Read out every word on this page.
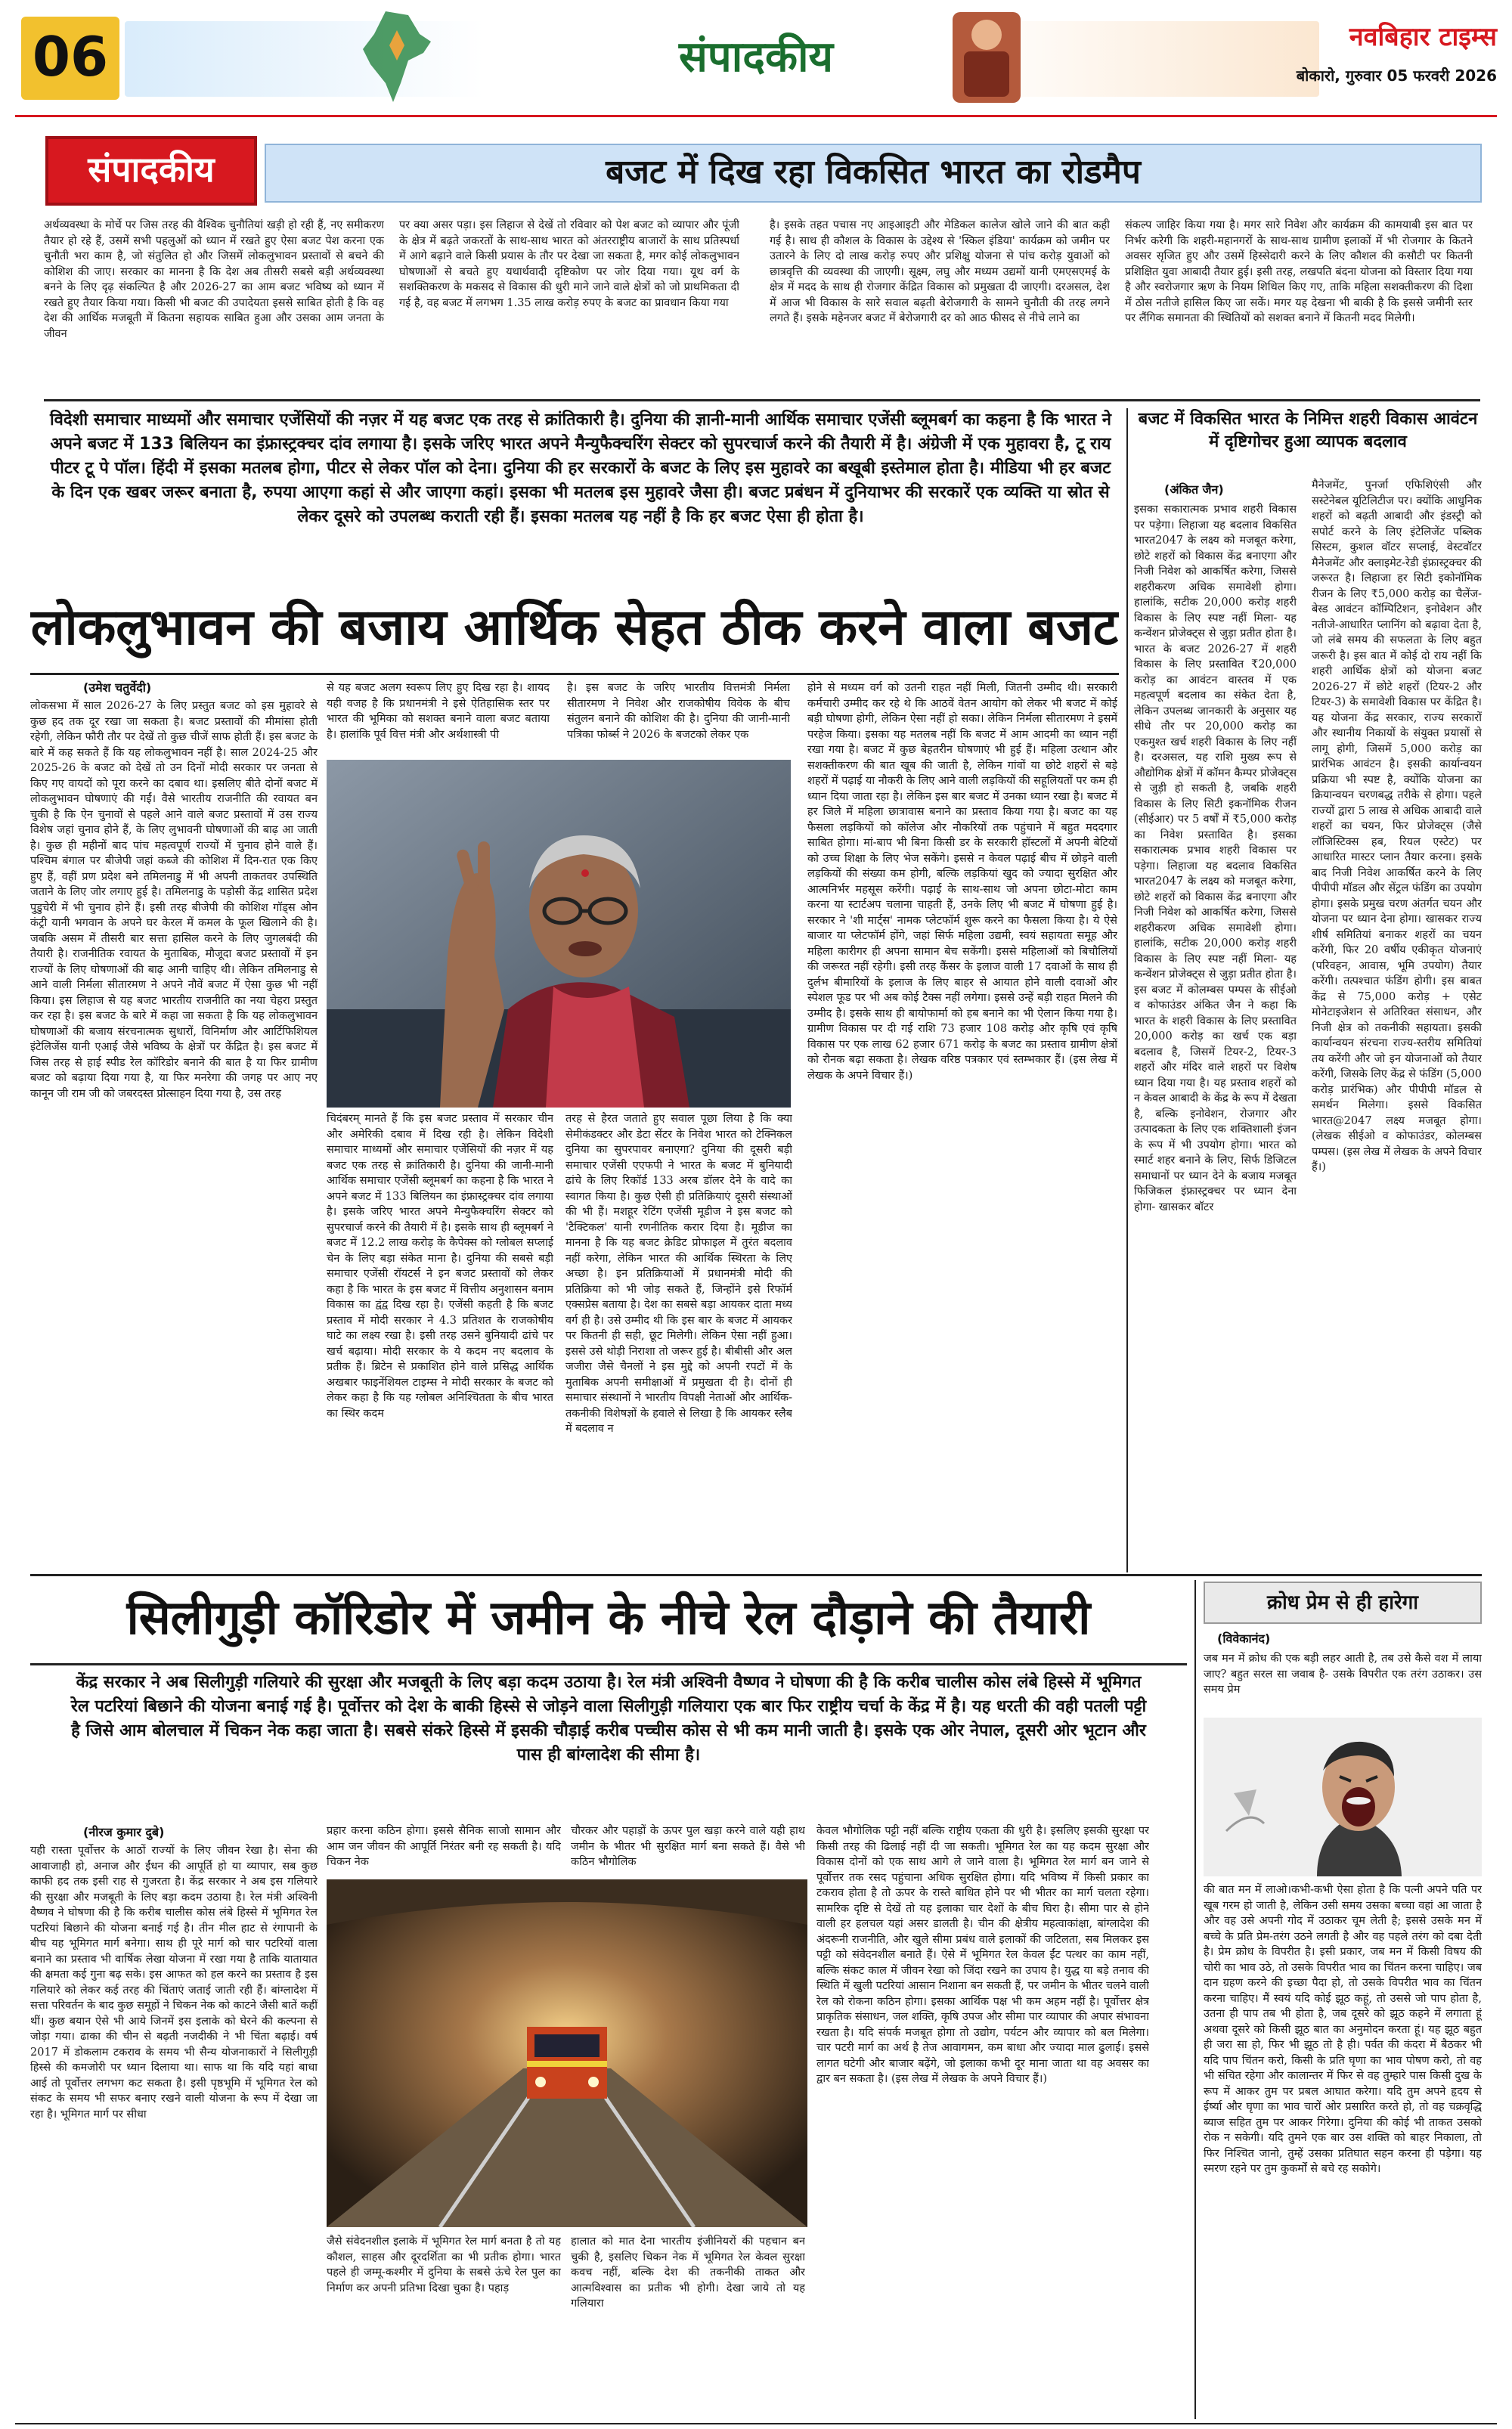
06	संपादकीय	नवबिहार टाइम्स
बोकारो, गुरुवार 05 फरवरी 2026
संपादकीय	बजट में दिख रहा विकसित भारत का रोडमैप
अर्थव्यवस्था के मोर्चे पर जिस तरह की वैश्विक चुनौतियां खड़ी हो रही हैं, नए समीकरण तैयार हो रहे हैं, उसमें सभी पहलुओं को ध्यान में रखते हुए ऐसा बजट पेश करना एक चुनौती भरा काम है, जो संतुलित हो और जिसमें लोकलुभावन प्रस्तावों से बचने की कोशिश की जाए। सरकार का मानना है कि देश अब तीसरी सबसे बड़ी अर्थव्यवस्था बनने के लिए दृढ़ संकल्पित है और 2026-27 का आम बजट भविष्य को ध्यान में रखते हुए तैयार किया गया। किसी भी बजट की उपादेयता इससे साबित होती है कि वह देश की आर्थिक मजबूती में कितना सहायक साबित हुआ और उसका आम जनता के जीवन
पर क्या असर पड़ा। इस लिहाज से देखें तो रविवार को पेश बजट को व्यापार और पूंजी के क्षेत्र में बढ़ते जकरतों के साथ-साथ भारत को अंतरराष्ट्रीय बाजारों के साथ प्रतिस्पर्धा में आगे बढ़ाने वाले किसी प्रयास के तौर पर देखा जा सकता है, मगर कोई लोकलुभावन घोषणाओं से बचते हुए यथार्थवादी दृष्टिकोण पर जोर दिया गया। यूथ वर्ग के सशक्तिकरण के मकसद से विकास की धुरी माने जाने वाले क्षेत्रों को जो प्राथमिकता दी गई है, वह बजट में लगभग 1.35 लाख करोड़ रुपए के बजट का प्रावधान किया गया
है। इसके तहत पचास नए आइआइटी और मेडिकल कालेज खोले जाने की बात कही गई है। साथ ही कौशल के विकास के उद्देश्य से 'स्किल इंडिया' कार्यक्रम को जमीन पर उतारने के लिए दो लाख करोड़ रुपए और प्रशिक्षु योजना से पांच करोड़ युवाओं को छात्रवृत्ति की व्यवस्था की जाएगी। सूक्ष्म, लघु और मध्यम उद्यमों यानी एमएसएमई के क्षेत्र में मदद के साथ ही रोजगार केंद्रित विकास को प्रमुखता दी जाएगी। दरअसल, देश में आज भी विकास के सारे सवाल बढ़ती बेरोजगारी के सामने चुनौती की तरह लगने लगते हैं। इसके महेनजर बजट में बेरोजगारी दर को आठ फीसद से नीचे लाने का
संकल्प जाहिर किया गया है। मगर सारे निवेश और कार्यक्रम की कामयाबी इस बात पर निर्भर करेगी कि शहरी-महानगरों के साथ-साथ ग्रामीण इलाकों में भी रोजगार के कितने अवसर सृजित हुए और उसमें हिस्सेदारी करने के लिए कौशल की कसौटी पर कितनी प्रशिक्षित युवा आबादी तैयार हुई। इसी तरह, लखपति बंदना योजना को विस्तार दिया गया है और स्वरोजगार ऋण के नियम शिथिल किए गए, ताकि महिला सशक्तीकरण की दिशा में ठोस नतीजे हासिल किए जा सकें। मगर यह देखना भी बाकी है कि इससे जमीनी स्तर पर लैंगिक समानता की स्थितियों को सशक्त बनाने में कितनी मदद मिलेगी।
विदेशी समाचार माध्यमों और समाचार एजेंसियों की नज़र में यह बजट एक तरह से क्रांतिकारी है। दुनिया की ज्ञानी-मानी आर्थिक समाचार एजेंसी ब्लूमबर्ग का कहना है कि भारत ने अपने बजट में 133 बिलियन का इंफ्रास्ट्रक्चर दांव लगाया है। इसके जरिए भारत अपने मैन्युफैक्चरिंग सेक्टर को सुपरचार्ज करने की तैयारी में है। अंग्रेजी में एक मुहावरा है, टू राय पीटर टू पे पॉल। हिंदी में इसका मतलब होगा, पीटर से लेकर पॉल को देना। दुनिया की हर सरकारों के बजट के लिए इस मुहावरे का बखूबी इस्तेमाल होता है। मीडिया भी हर बजट के दिन एक खबर जरूर बनाता है, रुपया आएगा कहां से और जाएगा कहां। इसका भी मतलब इस मुहावरे जैसा ही। बजट प्रबंधन में दुनियाभर की सरकारें एक व्यक्ति या स्रोत से लेकर दूसरे को उपलब्ध कराती रही हैं। इसका मतलब यह नहीं है कि हर बजट ऐसा ही होता है।
लोकलुभावन की बजाय आर्थिक सेहत ठीक करने वाला बजट
(उमेश चतुर्वेदी)
लोकसभा में साल 2026-27 के लिए प्रस्तुत बजट को इस मुहावरे से कुछ हद तक दूर रखा जा सकता है। बजट प्रस्तावों की मीमांसा होती रहेगी, लेकिन फौरी तौर पर देखें तो कुछ चीजें साफ होती हैं। इस बजट के बारे में कह सकते हैं कि यह लोकलुभावन नहीं है। साल 2024-25 और 2025-26 के बजट को देखें तो उन दिनों मोदी सरकार पर जनता से किए गए वायदों को पूरा करने का दबाव था। इसलिए बीते दोनों बजट में लोकलुभावन घोषणाएं की गईं। वैसे भारतीय राजनीति की रवायत बन चुकी है कि ऐन चुनावों से पहले आने वाले बजट प्रस्तावों में उस राज्य विशेष जहां चुनाव होने हैं, के लिए लुभावनी घोषणाओं की बाढ़ आ जाती है। कुछ ही महीनों बाद पांच महत्वपूर्ण राज्यों में चुनाव होने वाले हैं। पश्चिम बंगाल पर बीजेपी जहां कब्जे की कोशिश में दिन-रात एक किए हुए हैं, वहीं प्रण प्रदेश बने तमिलनाडु में भी अपनी ताकतवर उपस्थिति जताने के लिए जोर लगाए हुई है। तमिलनाडु के पड़ोसी केंद्र शासित प्रदेश पुडुचेरी में भी चुनाव होने हैं। इसी तरह बीजेपी की कोशिश गॉड्स ओन कंट्री यानी भगवान के अपने घर केरल में कमल के फूल खिलाने की है। जबकि असम में तीसरी बार सत्ता हासिल करने के लिए जुगलबंदी की तैयारी है। राजनीतिक रवायत के मुताबिक, मौजूदा बजट प्रस्तावों में इन राज्यों के लिए घोषणाओं की बाढ़ आनी चाहिए थी। लेकिन तमिलनाडु से आने वाली निर्मला सीतारमण ने अपने नौवें बजट में ऐसा कुछ भी नहीं किया। इस लिहाज से यह बजट भारतीय राजनीति का नया चेहरा प्रस्तुत कर रहा है। इस बजट के बारे में कहा जा सकता है कि यह लोकलुभावन घोषणाओं की बजाय संरचनात्मक सुधारों, विनिर्माण और आर्टिफिशियल इंटेलिजेंस यानी एआई जैसे भविष्य के क्षेत्रों पर केंद्रित है। इस बजट में जिस तरह से हाई स्पीड रेल कॉरिडोर बनाने की बात है या फिर ग्रामीण बजट को बढ़ाया दिया गया है, या फिर मनरेगा की जगह पर आए नए कानून जी राम जी को जबरदस्त प्रोत्साहन दिया गया है, उस तरह
से यह बजट अलग स्वरूप लिए हुए दिख रहा है। शायद यही वजह है कि प्रधानमंत्री ने इसे ऐतिहासिक स्तर पर भारत की भूमिका को सशक्त बनाने वाला बजट बताया है। हालांकि पूर्व वित्त मंत्री और अर्थशास्त्री पी
है। इस बजट के जरिए भारतीय वित्तमंत्री निर्मला सीतारमण ने निवेश और राजकोषीय विवेक के बीच संतुलन बनाने की कोशिश की है। दुनिया की जानी-मानी पत्रिका फोर्ब्स ने 2026 के बजटको लेकर एक
होने से मध्यम वर्ग को उतनी राहत नहीं मिली, जितनी उम्मीद थी। सरकारी कर्मचारी उम्मीद कर रहे थे कि आठवें वेतन आयोग को लेकर भी बजट में कोई बड़ी घोषणा होगी, लेकिन ऐसा नहीं हो सका। लेकिन निर्मला सीतारमण ने इसमें परहेज किया। इसका यह मतलब नहीं कि बजट में आम आदमी का ध्यान नहीं रखा गया है। बजट में कुछ बेहतरीन घोषणाएं भी हुई हैं। महिला उत्थान और सशक्तीकरण की बात खूब की जाती है, लेकिन गांवों या छोटे शहरों से बड़े शहरों में पढ़ाई या नौकरी के लिए आने वाली लड़कियों की सहूलियतों पर कम ही ध्यान दिया जाता रहा है। लेकिन इस बार बजट में उनका ध्यान रखा है। बजट में हर जिले में महिला छात्रावास बनाने का प्रस्ताव किया गया है। बजट का यह फैसला लड़कियों को कॉलेज और नौकरियों तक पहुंचाने में बहुत मददगार साबित होगा। मां-बाप भी बिना किसी डर के सरकारी हॉस्टलों में अपनी बेटियों को उच्च शिक्षा के लिए भेज सकेंगे। इससे न केवल पढ़ाई बीच में छोड़ने वाली लड़कियों की संख्या कम होगी, बल्कि लड़कियां खुद को ज्यादा सुरक्षित और आत्मनिर्भर महसूस करेंगी। पढ़ाई के साथ-साथ जो अपना छोटा-मोटा काम करना या स्टार्टअप चलाना चाहती हैं, उनके लिए भी बजट में घोषणा हुई है। सरकार ने 'शी मार्ट्स' नामक प्लेटफॉर्म शुरू करने का फैसला किया है। ये ऐसे बाजार या प्लेटफॉर्म होंगे, जहां सिर्फ महिला उद्यमी, स्वयं सहायता समूह और महिला कारीगर ही अपना सामान बेच सकेंगी। इससे महिलाओं को बिचौलियों की जरूरत नहीं रहेगी। इसी तरह कैंसर के इलाज वाली 17 दवाओं के साथ ही दुर्लभ बीमारियों के इलाज के लिए बाहर से आयात होने वाली दवाओं और स्पेशल फूड पर भी अब कोई टैक्स नहीं लगेगा। इससे उन्हें बड़ी राहत मिलने की उम्मीद है। इसके साथ ही बायोफार्मा को हब बनाने का भी ऐलान किया गया है। ग्रामीण विकास पर दी गई राशि 73 हजार 108 करोड़ और कृषि एवं कृषि विकास पर एक लाख 62 हजार 671 करोड़ के बजट का प्रस्ताव ग्रामीण क्षेत्रों को रौनक बढ़ा सकता है। लेखक वरिष्ठ पत्रकार एवं स्तम्भकार हैं। (इस लेख में लेखक के अपने विचार हैं।)
चिदंबरम् मानते हैं कि इस बजट प्रस्ताव में सरकार चीन और अमेरिकी दबाव में दिख रही है। लेकिन विदेशी समाचार माध्यमों और समाचार एजेंसियों की नज़र में यह बजट एक तरह से क्रांतिकारी है। दुनिया की जानी-मानी आर्थिक समाचार एजेंसी ब्लूमबर्ग का कहना है कि भारत ने अपने बजट में 133 बिलियन का इंफ्रास्ट्रक्चर दांव लगाया है। इसके जरिए भारत अपने मैन्युफैक्चरिंग सेक्टर को सुपरचार्ज करने की तैयारी में है। इसके साथ ही ब्लूमबर्ग ने बजट में 12.2 लाख करोड़ के कैपेक्स को ग्लोबल सप्लाई चेन के लिए बड़ा संकेत माना है। दुनिया की सबसे बड़ी समाचार एजेंसी रॉयटर्स ने इन बजट प्रस्तावों को लेकर कहा है कि भारत के इस बजट में वित्तीय अनुशासन बनाम विकास का द्वंद्व दिख रहा है। एजेंसी कहती है कि बजट प्रस्ताव में मोदी सरकार ने 4.3 प्रतिशत के राजकोषीय घाटे का लक्ष्य रखा है। इसी तरह उसने बुनियादी ढांचे पर खर्च बढ़ाया। मोदी सरकार के ये कदम नए बदलाव के प्रतीक हैं। ब्रिटेन से प्रकाशित होने वाले प्रसिद्ध आर्थिक अखबार फाइनेंशियल टाइम्स ने मोदी सरकार के बजट को लेकर कहा है कि यह ग्लोबल अनिश्चितता के बीच भारत का स्थिर कदम
तरह से हैरत जताते हुए सवाल पूछा लिया है कि क्या सेमीकंडक्टर और डेटा सेंटर के निवेश भारत को टेक्निकल दुनिया का सुपरपावर बनाएगा? दुनिया की दूसरी बड़ी समाचार एजेंसी एएफपी ने भारत के बजट में बुनियादी ढांचे के लिए रिकॉर्ड 133 अरब डॉलर देने के वादे का स्वागत किया है। कुछ ऐसी ही प्रतिक्रियाएं दूसरी संस्थाओं की भी हैं। मशहूर रेटिंग एजेंसी मूडीज ने इस बजट को 'टैक्टिकल' यानी रणनीतिक करार दिया है। मूडीज का मानना है कि यह बजट क्रेडिट प्रोफाइल में तुरंत बदलाव नहीं करेगा, लेकिन भारत की आर्थिक स्थिरता के लिए अच्छा है। इन प्रतिक्रियाओं में प्रधानमंत्री मोदी की प्रतिक्रिया को भी जोड़ सकते हैं, जिन्होंने इसे रिफॉर्म एक्सप्रेस बताया है। देश का सबसे बड़ा आयकर दाता मध्य वर्ग ही है। उसे उम्मीद थी कि इस बार के बजट में आयकर पर कितनी ही सही, छूट मिलेगी। लेकिन ऐसा नहीं हुआ। इससे उसे थोड़ी निराशा तो जरूर हुई है। बीबीसी और अल जजीरा जैसे चैनलों ने इस मुद्दे को अपनी रपटों में के मुताबिक अपनी समीक्षाओं में प्रमुखता दी है। दोनों ही समाचार संस्थानों ने भारतीय विपक्षी नेताओं और आर्थिक-तकनीकी विशेषज्ञों के हवाले से लिखा है कि आयकर स्लैब में बदलाव न
बजट में विकसित भारत के निमित्त शहरी विकास आवंटन में दृष्टिगोचर हुआ व्यापक बदलाव
(अंकित जैन)
इसका सकारात्मक प्रभाव शहरी विकास पर पड़ेगा। लिहाजा यह बदलाव विकसित भारत2047 के लक्ष्य को मजबूत करेगा, छोटे शहरों को विकास केंद्र बनाएगा और निजी निवेश को आकर्षित करेगा, जिससे शहरीकरण अधिक समावेशी होगा। हालांकि, सटीक 20,000 करोड़ शहरी विकास के लिए स्पष्ट नहीं मिला- यह कन्वेंशन प्रोजेक्ट्स से जुड़ा प्रतीत होता है। भारत के बजट 2026-27 में शहरी विकास के लिए प्रस्तावित ₹20,000 करोड़ का आवंटन वास्तव में एक महत्वपूर्ण बदलाव का संकेत देता है, लेकिन उपलब्ध जानकारी के अनुसार यह सीधे तौर पर 20,000 करोड़ का एकमुश्त खर्च शहरी विकास के लिए नहीं है। दरअसल, यह राशि मुख्य रूप से औद्योगिक क्षेत्रों में कॉमन कैम्पर प्रोजेक्ट्स से जुड़ी हो सकती है, जबकि शहरी विकास के लिए सिटी इकनॉमिक रीजन (सीईआर) पर 5 वर्षों में ₹5,000 करोड़ का निवेश प्रस्तावित है। इसका सकारात्मक प्रभाव शहरी विकास पर पड़ेगा। लिहाजा यह बदलाव विकसित भारत2047 के लक्ष्य को मजबूत करेगा, छोटे शहरों को विकास केंद्र बनाएगा और निजी निवेश को आकर्षित करेगा, जिससे शहरीकरण अधिक समावेशी होगा। हालांकि, सटीक 20,000 करोड़ शहरी विकास के लिए स्पष्ट नहीं मिला- यह कन्वेंशन प्रोजेक्ट्स से जुड़ा प्रतीत होता है। इस बजट में कोलम्बस पम्पस के सीईओ व कोफाउंडर अंकित जैन ने कहा कि भारत के शहरी विकास के लिए प्रस्तावित 20,000 करोड़ का खर्च एक बड़ा बदलाव है, जिसमें टियर-2, टियर-3 शहरों और मंदिर वाले शहरों पर विशेष ध्यान दिया गया है। यह प्रस्ताव शहरों को न केवल आबादी के केंद्र के रूप में देखता है, बल्कि इनोवेशन, रोजगार और उत्पादकता के लिए एक शक्तिशाली इंजन के रूप में भी उपयोग होगा। भारत को स्मार्ट शहर बनाने के लिए, सिर्फ डिजिटल समाधानों पर ध्यान देने के बजाय मजबूत फिजिकल इंफ्रास्ट्रक्चर पर ध्यान देना होगा- खासकर बॉटर
मैनेजमेंट, पुनर्जा एफिशिएंसी और सस्टेनेबल यूटिलिटीज पर। क्योंकि आधुनिक शहरों को बढ़ती आबादी और इंडस्ट्री को सपोर्ट करने के लिए इंटेलिजेंट पब्लिक सिस्टम, कुशल वॉटर सप्लाई, वेस्टवॉटर मैनेजमेंट और क्लाइमेट-रेडी इंफ्रास्ट्रक्चर की जरूरत है। लिहाजा हर सिटी इकोनॉमिक रीजन के लिए ₹5,000 करोड़ का चैलेंज-बेस्ड आवंटन कॉम्पिटिशन, इनोवेशन और नतीजे-आधारित प्लानिंग को बढ़ावा देता है, जो लंबे समय की सफलता के लिए बहुत जरूरी है। इस बात में कोई दो राय नहीं कि शहरी आर्थिक क्षेत्रों को योजना बजट 2026-27 में छोटे शहरों (टियर-2 और टियर-3) के समावेशी विकास पर केंद्रित है। यह योजना केंद्र सरकार, राज्य सरकारों और स्थानीय निकायों के संयुक्त प्रयासों से लागू होगी, जिसमें 5,000 करोड़ का प्रारंभिक आवंटन है। इसकी कार्यान्वयन प्रक्रिया भी स्पष्ट है, क्योंकि योजना का क्रियान्वयन चरणबद्ध तरीके से होगा। पहले राज्यों द्वारा 5 लाख से अधिक आबादी वाले शहरों का चयन, फिर प्रोजेक्ट्स (जैसे लॉजिस्टिक्स हब, रियल एस्टेट) पर आधारित मास्टर प्लान तैयार करना। इसके बाद निजी निवेश आकर्षित करने के लिए पीपीपी मॉडल और सेंट्रल फंडिंग का उपयोग होगा। इसके प्रमुख चरण अंतर्गत चयन और योजना पर ध्यान देना होगा। खासकर राज्य शीर्ष समितियां बनाकर शहरों का चयन करेंगी, फिर 20 वर्षीय एकीकृत योजनाएं (परिवहन, आवास, भूमि उपयोग) तैयार करेंगी। तत्पश्चात फंडिंग होगी। इस बाबत केंद्र से 75,000 करोड़ + एसेट मोनेटाइजेशन से अतिरिक्त संसाधन, और निजी क्षेत्र को तकनीकी सहायता। इसकी कार्यान्वयन संरचना राज्य-स्तरीय समितियां तय करेंगी और जो इन योजनाओं को तैयार करेंगी, जिसके लिए केंद्र से फंडिंग (5,000 करोड़ प्रारंभिक) और पीपीपी मॉडल से समर्थन मिलेगा। इससे विकसित भारत@2047 लक्ष्य मजबूत होगा। (लेखक सीईओ व कोफाउंडर, कोलम्बस पम्पस। (इस लेख में लेखक के अपने विचार हैं।)
सिलीगुड़ी कॉरिडोर में जमीन के नीचे रेल दौड़ाने की तैयारी
केंद्र सरकार ने अब सिलीगुड़ी गलियारे की सुरक्षा और मजबूती के लिए बड़ा कदम उठाया है। रेल मंत्री अश्विनी वैष्णव ने घोषणा की है कि करीब चालीस कोस लंबे हिस्से में भूमिगत रेल पटरियां बिछाने की योजना बनाई गई है। पूर्वोत्तर को देश के बाकी हिस्से से जोड़ने वाला सिलीगुड़ी गलियारा एक बार फिर राष्ट्रीय चर्चा के केंद्र में है। यह धरती की वही पतली पट्टी है जिसे आम बोलचाल में चिकन नेक कहा जाता है। सबसे संकरे हिस्से में इसकी चौड़ाई करीब पच्चीस कोस से भी कम मानी जाती है। इसके एक ओर नेपाल, दूसरी ओर भूटान और पास ही बांग्लादेश की सीमा है।
(नीरज कुमार दुबे)
यही रास्ता पूर्वोत्तर के आठों राज्यों के लिए जीवन रेखा है। सेना की आवाजाही हो, अनाज और ईंधन की आपूर्ति हो या व्यापार, सब कुछ काफी हद तक इसी राह से गुजरता है। केंद्र सरकार ने अब इस गलियारे की सुरक्षा और मजबूती के लिए बड़ा कदम उठाया है। रेल मंत्री अश्विनी वैष्णव ने घोषणा की है कि करीब चालीस कोस लंबे हिस्से में भूमिगत रेल पटरियां बिछाने की योजना बनाई गई है। तीन मील हाट से रंगापानी के बीच यह भूमिगत मार्ग बनेगा। साथ ही पूरे मार्ग को चार पटरियों वाला बनाने का प्रस्ताव भी वार्षिक लेखा योजना में रखा गया है ताकि यातायात की क्षमता कई गुना बढ़ सके। इस आफत को हल करने का प्रस्ताव है इस गलियारे को लेकर कई तरह की चिंताएं जताई जाती रही हैं। बांग्लादेश में सत्ता परिवर्तन के बाद कुछ समूहों ने चिकन नेक को काटने जैसी बातें कहीं थीं। कुछ बयान ऐसे भी आये जिनमें इस इलाके को घेरने की कल्पना से जोड़ा गया। ढाका की चीन से बढ़ती नजदीकी ने भी चिंता बढ़ाई। वर्ष 2017 में डोकलाम टकराव के समय भी सैन्य योजनाकारों ने सिलीगुड़ी हिस्से की कमजोरी पर ध्यान दिलाया था। साफ था कि यदि यहां बाधा आई तो पूर्वोत्तर लगभग कट सकता है। इसी पृष्ठभूमि में भूमिगत रेल को संकट के समय भी सफर बनाए रखने वाली योजना के रूप में देखा जा रहा है। भूमिगत मार्ग पर सीधा
प्रहार करना कठिन होगा। इससे सैनिक साजो सामान और आम जन जीवन की आपूर्ति निरंतर बनी रह सकती है। यदि चिकन नेक
चौरकर और पहाड़ों के ऊपर पुल खड़ा करने वाले यही हाथ जमीन के भीतर भी सुरक्षित मार्ग बना सकते हैं। वैसे भी कठिन भौगोलिक
जैसे संवेदनशील इलाके में भूमिगत रेल मार्ग बनता है तो यह कौशल, साहस और दूरदर्शिता का भी प्रतीक होगा। भारत पहले ही जम्मू-कश्मीर में दुनिया के सबसे ऊंचे रेल पुल का निर्माण कर अपनी प्रतिभा दिखा चुका है। पहाड़
हालात को मात देना भारतीय इंजीनियरों की पहचान बन चुकी है, इसलिए चिकन नेक में भूमिगत रेल केवल सुरक्षा कवच नहीं, बल्कि देश की तकनीकी ताकत और आत्मविश्वास का प्रतीक भी होगी। देखा जाये तो यह गलियारा
केवल भौगोलिक पट्टी नहीं बल्कि राष्ट्रीय एकता की धुरी है। इसलिए इसकी सुरक्षा पर किसी तरह की ढिलाई नहीं दी जा सकती। भूमिगत रेल का यह कदम सुरक्षा और विकास दोनों को एक साथ आगे ले जाने वाला है। भूमिगत रेल मार्ग बन जाने से पूर्वोत्तर तक रसद पहुंचाना अधिक सुरक्षित होगा। यदि भविष्य में किसी प्रकार का टकराव होता है तो ऊपर के रास्ते बाधित होने पर भी भीतर का मार्ग चलता रहेगा। सामरिक दृष्टि से देखें तो यह इलाका चार देशों के बीच घिरा है। सीमा पार से होने वाली हर हलचल यहां असर डालती है। चीन की क्षेत्रीय महत्वाकांक्षा, बांग्लादेश की अंदरूनी राजनीति, और खुले सीमा प्रबंध वाले इलाकों की जटिलता, सब मिलकर इस पट्टी को संवेदनशील बनाते हैं। ऐसे में भूमिगत रेल केवल ईंट पत्थर का काम नहीं, बल्कि संकट काल में जीवन रेखा को जिंदा रखने का उपाय है। युद्ध या बड़े तनाव की स्थिति में खुली पटरियां आसान निशाना बन सकती हैं, पर जमीन के भीतर चलने वाली रेल को रोकना कठिन होगा। इसका आर्थिक पक्ष भी कम अहम नहीं है। पूर्वोत्तर क्षेत्र प्राकृतिक संसाधन, जल शक्ति, कृषि उपज और सीमा पार व्यापार की अपार संभावना रखता है। यदि संपर्क मजबूत होगा तो उद्योग, पर्यटन और व्यापार को बल मिलेगा। चार पटरी मार्ग का अर्थ है तेज आवागमन, कम बाधा और ज्यादा माल ढुलाई। इससे लागत घटेगी और बाजार बढ़ेंगे, जो इलाका कभी दूर माना जाता था वह अवसर का द्वार बन सकता है। (इस लेख में लेखक के अपने विचार हैं।)
क्रोध प्रेम से ही हारेगा
(विवेकानंद)
जब मन में क्रोध की एक बड़ी लहर आती है, तब उसे कैसे वश में लाया जाए? बहुत सरल सा जवाब है- उसके विपरीत एक तरंग उठाकर। उस समय प्रेम
की बात मन में लाओ।कभी-कभी ऐसा होता है कि पत्नी अपने पति पर खूब गरम हो जाती है, लेकिन उसी समय उसका बच्चा वहां आ जाता है और वह उसे अपनी गोद में उठाकर चूम लेती है; इससे उसके मन में बच्चे के प्रति प्रेम-तरंग उठने लगती है और वह पहले तरंग को दबा देती है। प्रेम क्रोध के विपरीत है। इसी प्रकार, जब मन में किसी विषय की चोरी का भाव उठे, तो उसके विपरीत भाव का चिंतन करना चाहिए। जब दान ग्रहण करने की इच्छा पैदा हो, तो उसके विपरीत भाव का चिंतन करना चाहिए। मैं स्वयं यदि कोई झूठ कहूं, तो उससे जो पाप होता है, उतना ही पाप तब भी होता है, जब दूसरे को झूठ कहने में लगाता हूं अथवा दूसरे को किसी झूठ बात का अनुमोदन करता हूं। यह झूठ बहुत ही जरा सा हो, फिर भी झूठ तो है ही। पर्वत की कंदरा में बैठकर भी यदि पाप चिंतन करो, किसी के प्रति घृणा का भाव पोषण करो, तो वह भी संचित रहेगा और कालान्तर में फिर से वह तुम्हारे पास किसी दुख के रूप में आकर तुम पर प्रबल आघात करेगा। यदि तुम अपने हृदय से ईर्ष्या और घृणा का भाव चारों ओर प्रसारित करते हो, तो वह चक्रवृद्धि ब्याज सहित तुम पर आकर गिरेगा। दुनिया की कोई भी ताकत उसको रोक न सकेगी। यदि तुमने एक बार उस शक्ति को बाहर निकाला, तो फिर निश्चित जानो, तुम्हें उसका प्रतिघात सहन करना ही पड़ेगा। यह स्मरण रहने पर तुम कुकर्मों से बचे रह सकोगे।
